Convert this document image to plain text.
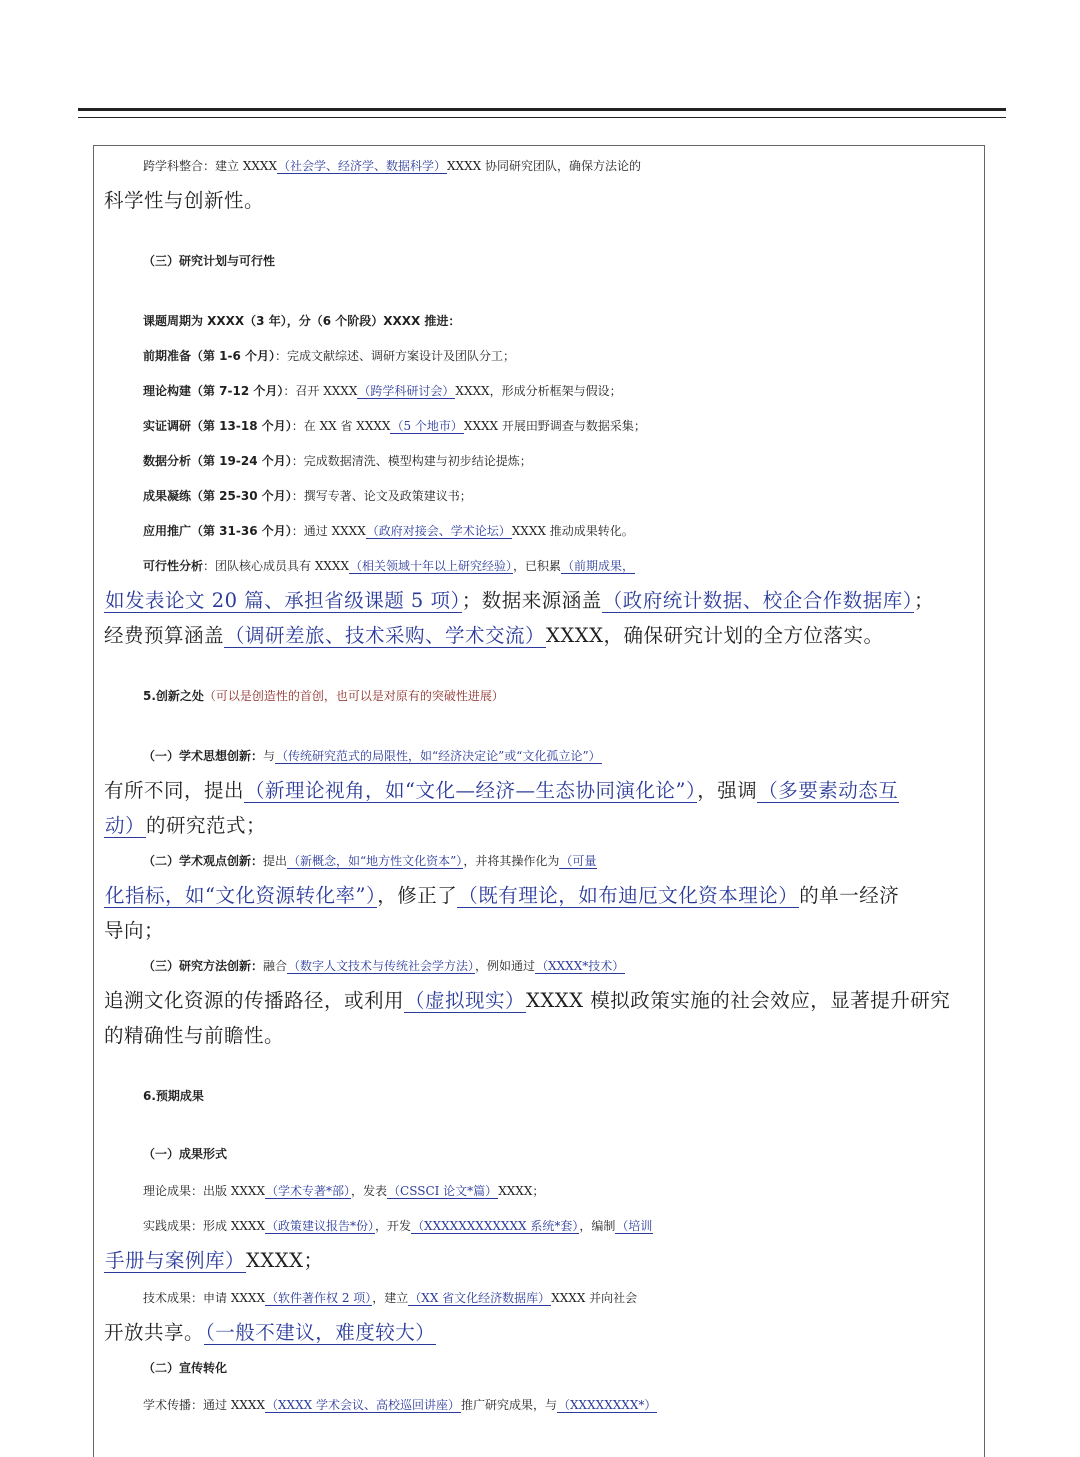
跨学科整合：建立 XXXX（社会学、经济学、数据科学）XXXX 协同研究团队，确保方法论的
科学性与创新性。
（三）研究计划与可行性
课题周期为 XXXX（3 年），分（6 个阶段）XXXX 推进：
前期准备（第 1-6 个月）：完成文献综述、调研方案设计及团队分工；
理论构建（第 7-12 个月）：召开 XXXX（跨学科研讨会）XXXX，形成分析框架与假设；
实证调研（第 13-18 个月）：在 XX 省 XXXX（5 个地市）XXXX 开展田野调查与数据采集；
数据分析（第 19-24 个月）：完成数据清洗、模型构建与初步结论提炼；
成果凝练（第 25-30 个月）：撰写专著、论文及政策建议书；
应用推广（第 31-36 个月）：通过 XXXX（政府对接会、学术论坛）XXXX 推动成果转化。
可行性分析：团队核心成员具有 XXXX（相关领域十年以上研究经验），已积累（前期成果，
如发表论文 20 篇、承担省级课题 5 项）；数据来源涵盖（政府统计数据、校企合作数据库）；
经费预算涵盖（调研差旅、技术采购、学术交流）XXXX，确保研究计划的全方位落实。
5.创新之处（可以是创造性的首创，也可以是对原有的突破性进展）
（一）学术思想创新：与（传统研究范式的局限性，如“经济决定论”或“文化孤立论”）
有所不同，提出（新理论视角，如“文化—经济—生态协同演化论”），强调（多要素动态互
动）的研究范式；
（二）学术观点创新：提出（新概念，如“地方性文化资本”），并将其操作化为（可量
化指标，如“文化资源转化率”），修正了（既有理论，如布迪厄文化资本理论）的单一经济
导向；
（三）研究方法创新：融合（数字人文技术与传统社会学方法），例如通过（XXXX*技术）
追溯文化资源的传播路径，或利用（虚拟现实）XXXX 模拟政策实施的社会效应，显著提升研究
的精确性与前瞻性。
6.预期成果
（一）成果形式
理论成果：出版 XXXX（学术专著*部），发表（CSSCI 论文*篇）XXXX；
实践成果：形成 XXXX（政策建议报告*份），开发（XXXXXXXXXXXX 系统*套），编制（培训
手册与案例库）XXXX；
技术成果：申请 XXXX（软件著作权 2 项），建立（XX 省文化经济数据库）XXXX 并向社会
开放共享。（一般不建议，难度较大）
（二）宣传转化
学术传播：通过 XXXX（XXXX 学术会议、高校巡回讲座）推广研究成果，与（XXXXXXXX*）
